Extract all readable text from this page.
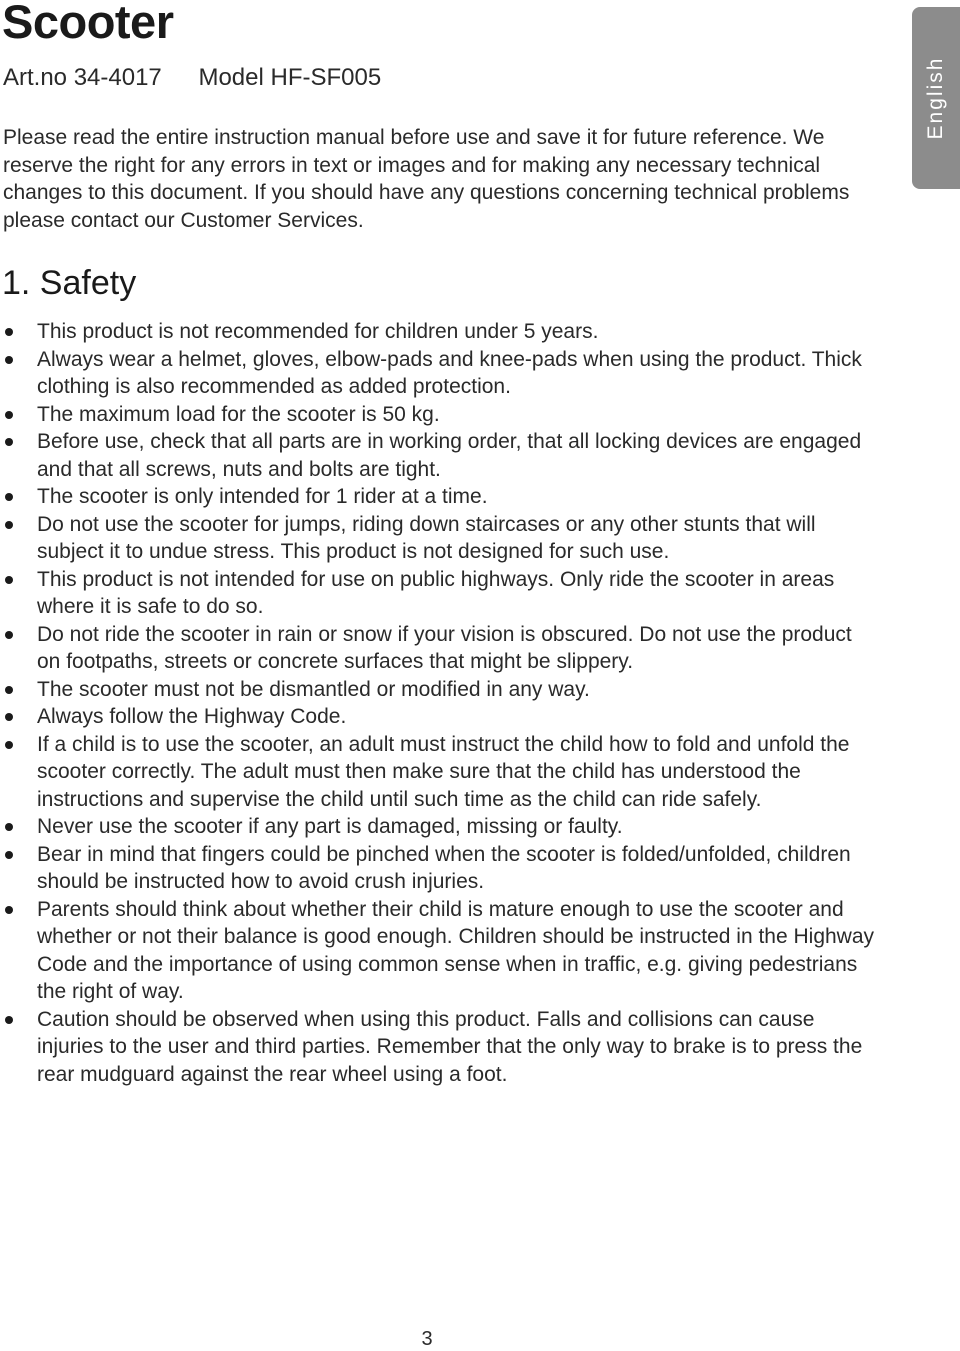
Scooter
Art.no 34-4017 Model HF-SF005	English

Please read the entire instruction manual before use and save it for future reference. We reserve the right for any errors in text or images and for making any necessary technical changes to this document. If you should have any questions concerning technical problems please contact our Customer Services.

1. Safety
This product is not recommended for children under 5 years.
Always wear a helmet, gloves, elbow-pads and knee-pads when using the product. Thick clothing is also recommended as added protection.
The maximum load for the scooter is 50 kg.
Before use, check that all parts are in working order, that all locking devices are engaged and that all screws, nuts and bolts are tight.
The scooter is only intended for 1 rider at a time.
Do not use the scooter for jumps, riding down staircases or any other stunts that will subject it to undue stress. This product is not designed for such use.
This product is not intended for use on public highways. Only ride the scooter in areas where it is safe to do so.
Do not ride the scooter in rain or snow if your vision is obscured. Do not use the product on footpaths, streets or concrete surfaces that might be slippery.
The scooter must not be dismantled or modified in any way.
Always follow the Highway Code.
If a child is to use the scooter, an adult must instruct the child how to fold and unfold the scooter correctly. The adult must then make sure that the child has understood the instructions and supervise the child until such time as the child can ride safely.
Never use the scooter if any part is damaged, missing or faulty.
Bear in mind that fingers could be pinched when the scooter is folded/unfolded, children should be instructed how to avoid crush injuries.
Parents should think about whether their child is mature enough to use the scooter and whether or not their balance is good enough. Children should be instructed in the Highway Code and the importance of using common sense when in traffic, e.g. giving pedestrians the right of way.
Caution should be observed when using this product. Falls and collisions can cause injuries to the user and third parties. Remember that the only way to brake is to press the rear mudguard against the rear wheel using a foot.
3
